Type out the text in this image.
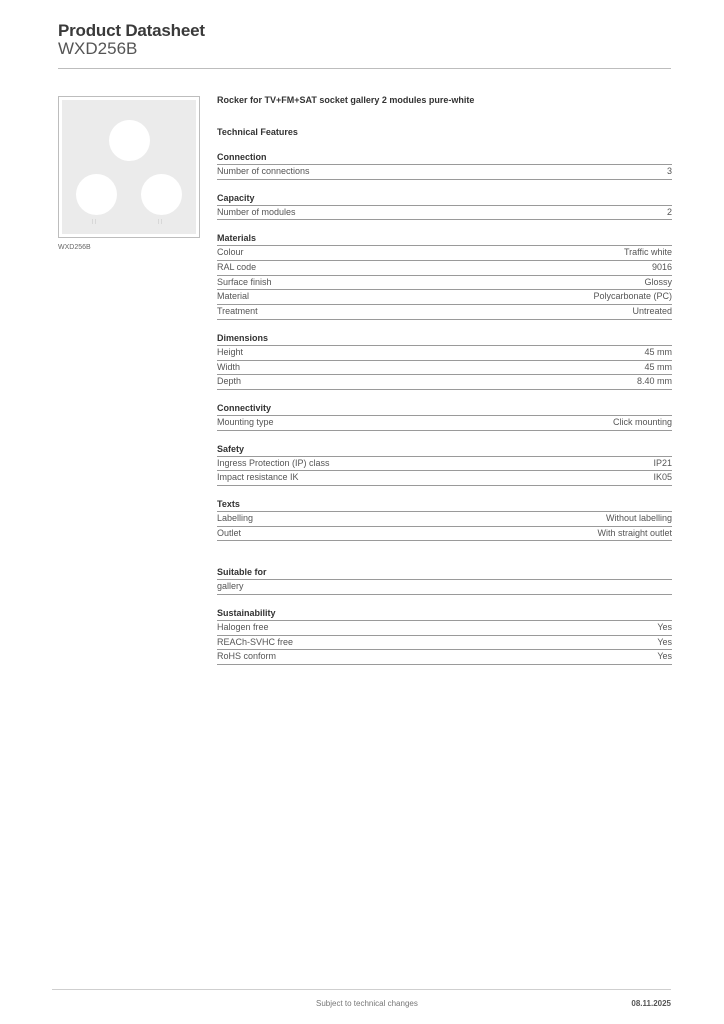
Product Datasheet
WXD256B
| |	| |
WXD256B
Rocker for TV+FM+SAT socket gallery 2 modules pure-white
Technical Features
Connection
Number of connections	3
Capacity
Number of modules	2
Materials
Colour	Traffic white
RAL code	9016
Surface finish	Glossy
Material	Polycarbonate (PC)
Treatment	Untreated
Dimensions
Height	45 mm
Width	45 mm
Depth	8.40 mm
Connectivity
Mounting type	Click mounting
Safety
Ingress Protection (IP) class	IP21
Impact resistance IK	IK05
Texts
Labelling	Without labelling
Outlet	With straight outlet
Suitable for
gallery
Sustainability
Halogen free	Yes
REACh-SVHC free	Yes
RoHS conform	Yes
Subject to technical changes	08.11.2025
